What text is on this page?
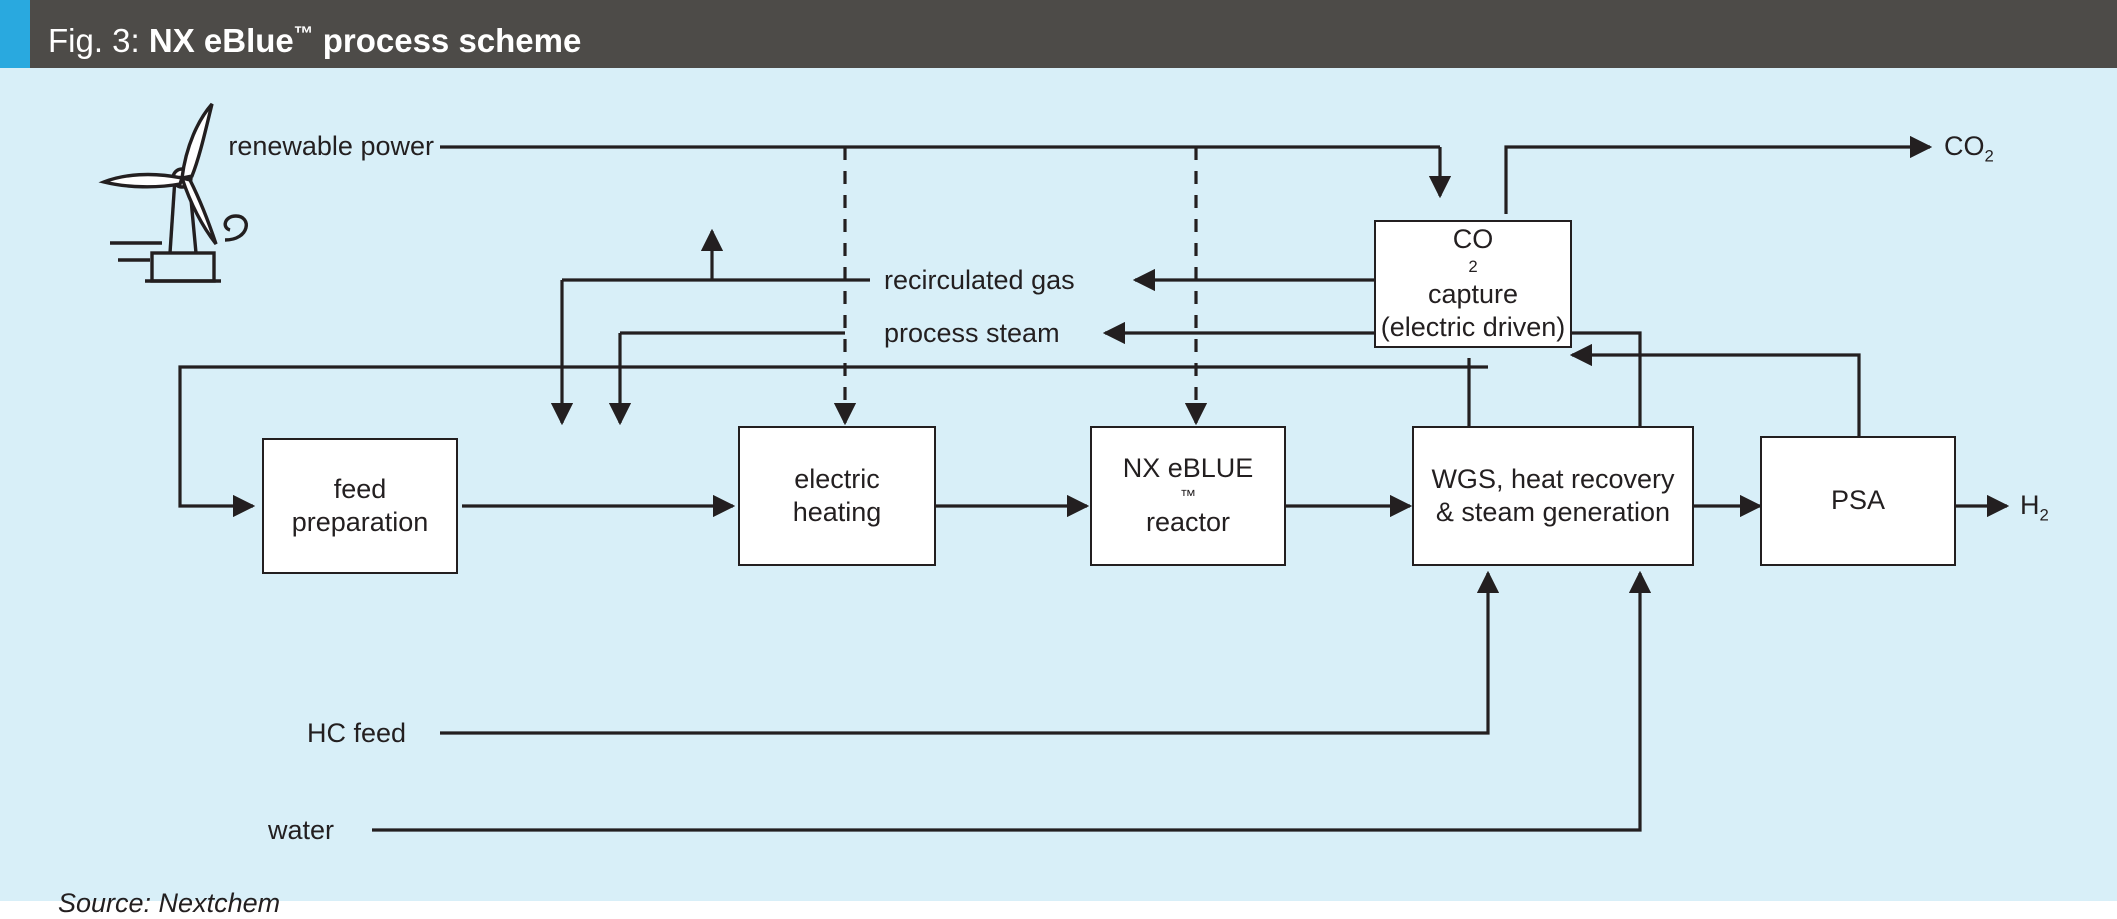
Fig. 3: NX eBlue™ process scheme
feed
preparation
electric
heating
NX eBLUE
™
reactor
WGS, heat recovery
& steam generation	PSA
CO
2
capture
(electric driven)
renewable power
recirculated gas
process steam
HC feed
water
$CO_2$
$H_2$
Source: Nextchem
